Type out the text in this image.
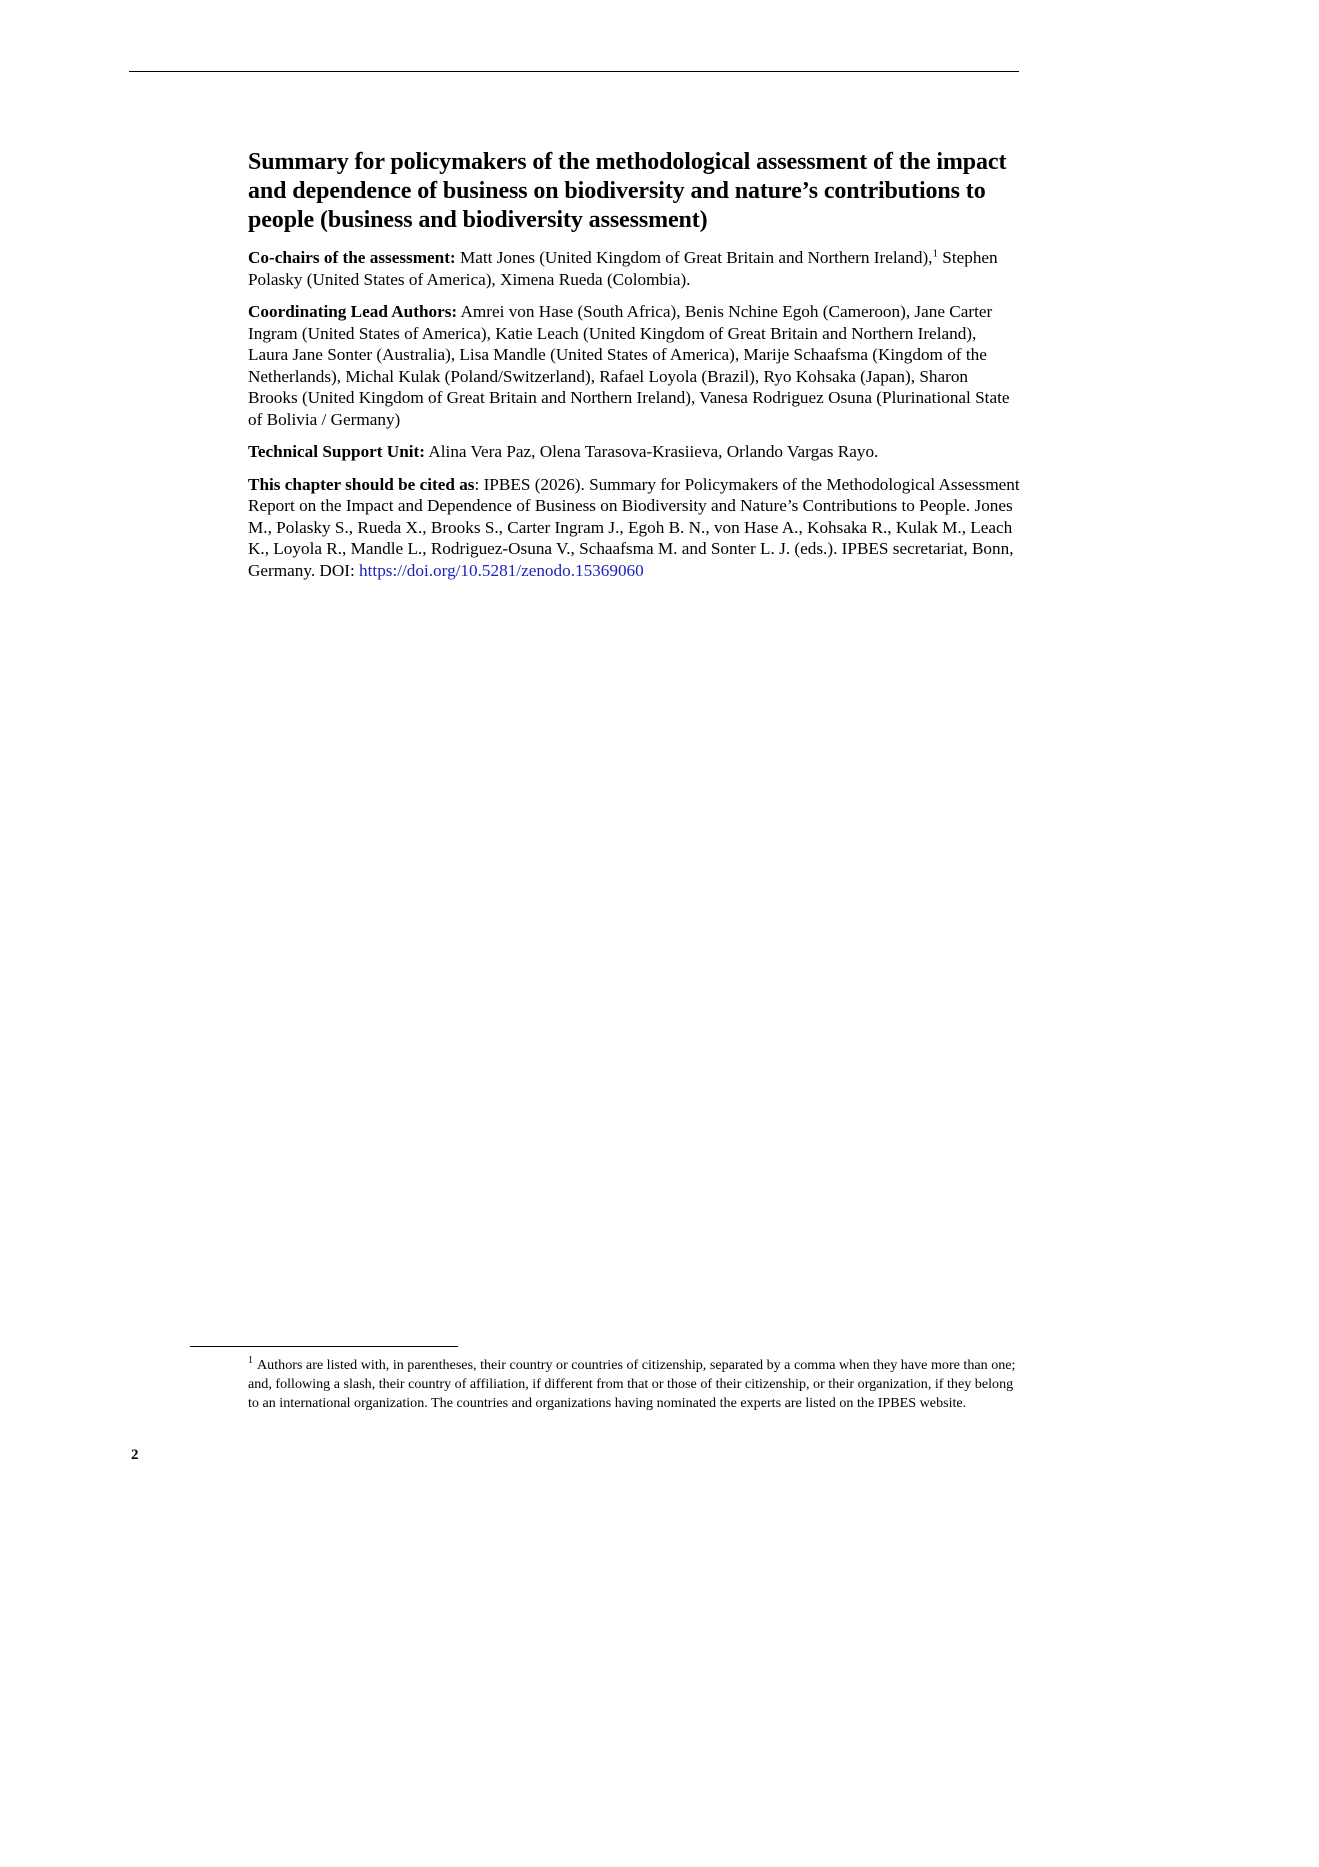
Summary for policymakers of the methodological assessment of the impact and dependence of business on biodiversity and nature’s contributions to people (business and biodiversity assessment)

Co-chairs of the assessment: Matt Jones (United Kingdom of Great Britain and Northern Ireland),$^1$ Stephen Polasky (United States of America), Ximena Rueda (Colombia).

Coordinating Lead Authors: Amrei von Hase (South Africa), Benis Nchine Egoh (Cameroon), Jane Carter Ingram (United States of America), Katie Leach (United Kingdom of Great Britain and Northern Ireland), Laura Jane Sonter (Australia), Lisa Mandle (United States of America), Marije Schaafsma (Kingdom of the Netherlands), Michal Kulak (Poland/Switzerland), Rafael Loyola (Brazil), Ryo Kohsaka (Japan), Sharon Brooks (United Kingdom of Great Britain and Northern Ireland), Vanesa Rodriguez Osuna (Plurinational State of Bolivia / Germany)

Technical Support Unit: Alina Vera Paz, Olena Tarasova-Krasiieva, Orlando Vargas Rayo.

This chapter should be cited as: IPBES (2026). Summary for Policymakers of the Methodological Assessment Report on the Impact and Dependence of Business on Biodiversity and Nature’s Contributions to People. Jones M., Polasky S., Rueda X., Brooks S., Carter Ingram J., Egoh B. N., von Hase A., Kohsaka R., Kulak M., Leach K., Loyola R., Mandle L., Rodriguez-Osuna V., Schaafsma M. and Sonter L. J. (eds.). IPBES secretariat, Bonn, Germany. DOI: https://doi.org/10.5281/zenodo.15369060

$^1$ Authors are listed with, in parentheses, their country or countries of citizenship, separated by a comma when they have more than one; and, following a slash, their country of affiliation, if different from that or those of their citizenship, or their organization, if they belong to an international organization. The countries and organizations having nominated the experts are listed on the IPBES website.
2
